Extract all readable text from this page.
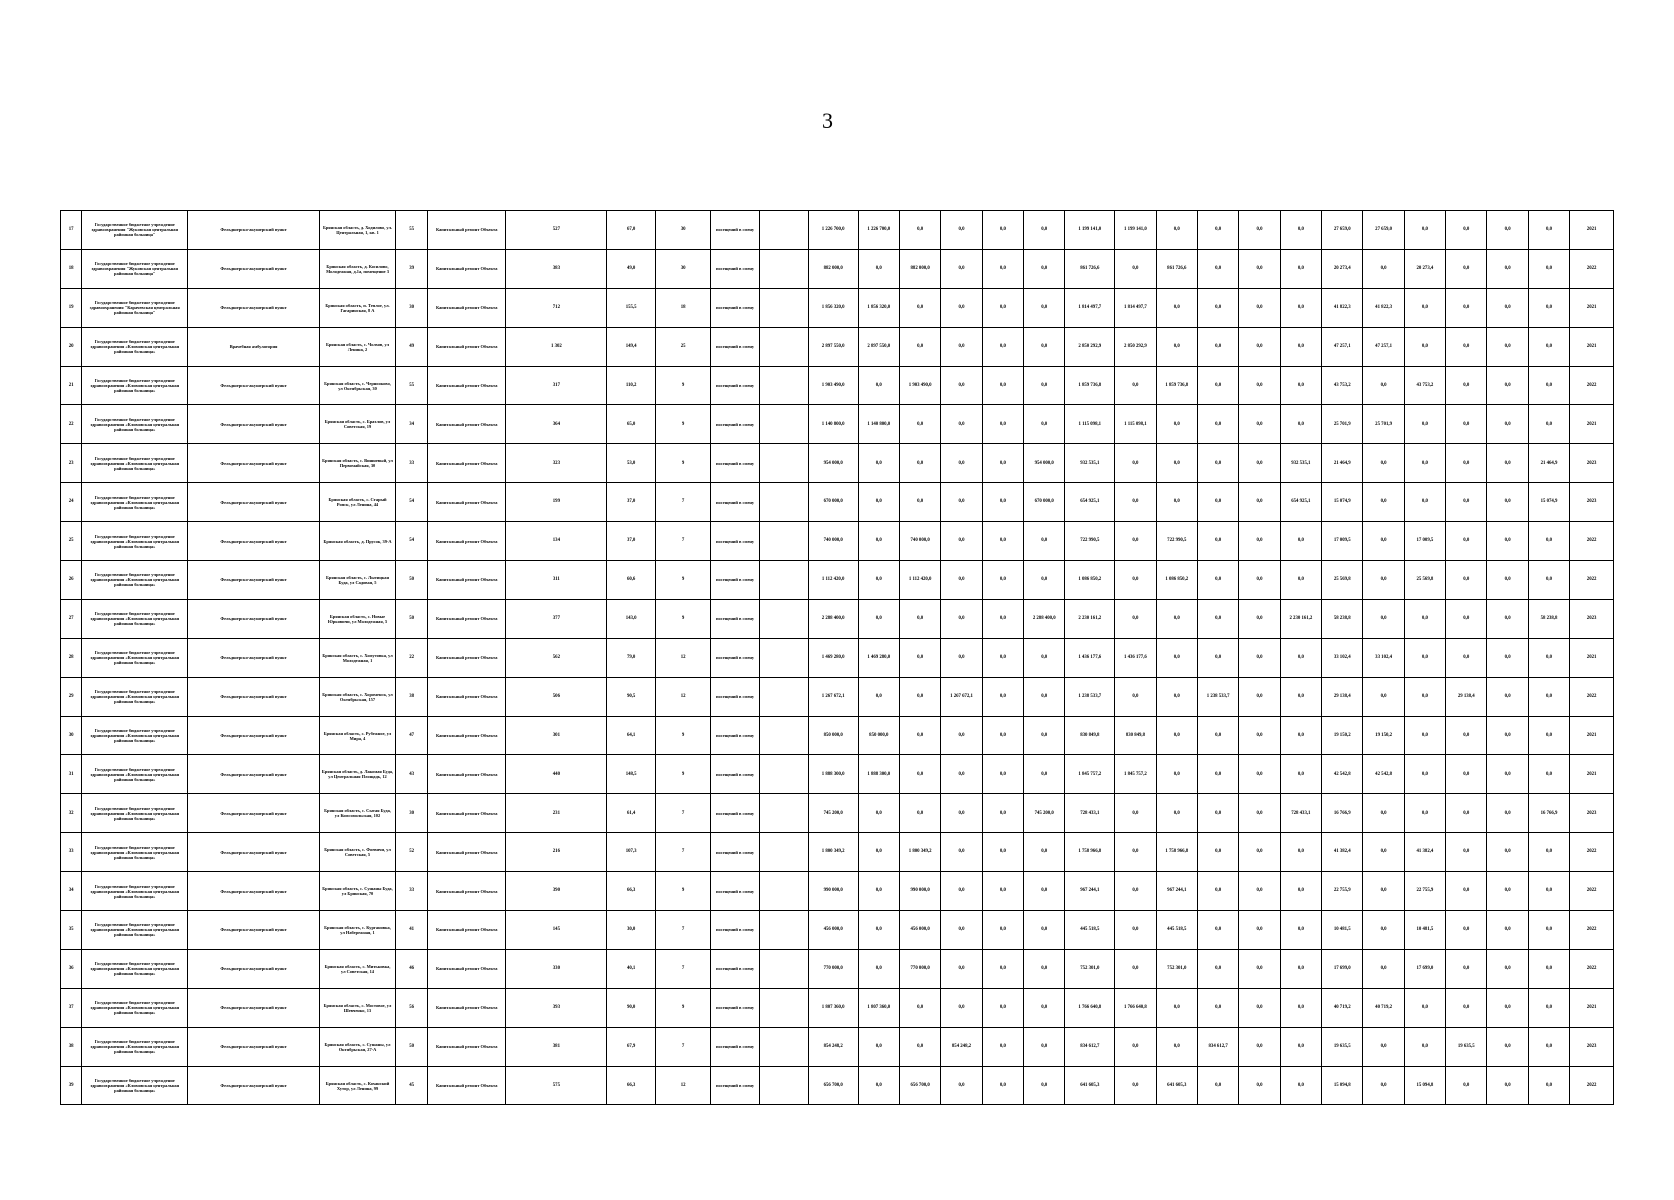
3
17	Государственное бюджетное учреждение здравоохранения "Жуковская центральная районная больница"	Фельдшерско-акушерский пункт	Брянская область, д. Ходилово, ул. Центральная, 1, кв. 1	55	Капитальный ремонт Объекта	527	67,0	30	посещений в смену		1 226 700,0	1 226 700,0	0,0	0,0	0,0	0,0	1 199 141,0	1 199 141,0	0,0	0,0	0,0	0,0	27 659,0	27 659,0	0,0	0,0	0,0	0,0	2021
18	Государственное бюджетное учреждение здравоохранения "Жуковская центральная районная больница"	Фельдшерско-акушерский пункт	Брянская область, д. Косилово, Молодежная, д.1а, помещение 3	39	Капитальный ремонт Объекта	383	49,0	30	посещений в смену		882 000,0	0,0	882 000,0	0,0	0,0	0,0	861 726,6	0,0	861 726,6	0,0	0,0	0,0	20 273,4	0,0	20 273,4	0,0	0,0	0,0	2022
19	Государственное бюджетное учреждение здравоохранения "Карачевская центральная районная больница"	Фельдшерско-акушерский пункт	Брянская область, п. Теплое, ул. Гагаринская, 8 А	30	Капитальный ремонт Объекта	712	155,5	18	посещений в смену		1 856 320,0	1 856 320,0	0,0	0,0	0,0	0,0	1 814 497,7	1 814 497,7	0,0	0,0	0,0	0,0	41 822,3	41 822,3	0,0	0,0	0,0	0,0	2021
20	Государственное бюджетное учреждение здравоохранения «Климовская центральная районная больница»	Врачебная амбулатория	Брянская область, с. Чолхов, ул Ленина, 2	49	Капитальный ремонт Объекта	1 302	149,4	25	посещений в смену		2 897 550,0	2 897 550,0	0,0	0,0	0,0	0,0	2 850 292,9	2 850 292,9	0,0	0,0	0,0	0,0	47 257,1	47 257,1	0,0	0,0	0,0	0,0	2021
21	Государственное бюджетное учреждение здравоохранения «Климовская центральная районная больница»	Фельдшерско-акушерский пункт	Брянская область, с. Чернооково, ул Октябрьская, 30	55	Капитальный ремонт Объекта	317	110,2	9	посещений в смену		1 903 490,0	0,0	1 903 490,0	0,0	0,0	0,0	1 859 736,8	0,0	1 859 736,8	0,0	0,0	0,0	43 753,2	0,0	43 753,2	0,0	0,0	0,0	2022
22	Государственное бюджетное учреждение здравоохранения «Климовская центральная районная больница»	Фельдшерско-акушерский пункт	Брянская область, с. Брахлов, ул Советская, 19	34	Капитальный ремонт Объекта	364	65,0	9	посещений в смену		1 140 800,0	1 140 800,0	0,0	0,0	0,0	0,0	1 115 098,1	1 115 098,1	0,0	0,0	0,0	0,0	25 701,9	25 701,9	0,0	0,0	0,0	0,0	2021
23	Государственное бюджетное учреждение здравоохранения «Климовская центральная районная больница»	Фельдшерско-акушерский пункт	Брянская область, с. Вишневый, ул Первомайская, 30	33	Капитальный ремонт Объекта	323	53,0	9	посещений в смену		954 000,0	0,0	0,0	0,0	0,0	954 000,0	932 535,1	0,0	0,0	0,0	0,0	932 535,1	21 464,9	0,0	0,0	0,0	0,0	21 464,9	2023
24	Государственное бюджетное учреждение здравоохранения «Климовская центральная районная больница»	Фельдшерско-акушерский пункт	Брянская область, с. Старый Ропск, ул Ленина, 44	54	Капитальный ремонт Объекта	199	37,0	7	посещений в смену		670 000,0	0,0	0,0	0,0	0,0	670 000,0	654 925,1	0,0	0,0	0,0	0,0	654 925,1	15 074,9	0,0	0,0	0,0	0,0	15 074,9	2023
25	Государственное бюджетное учреждение здравоохранения «Климовская центральная районная больница»	Фельдшерско-акушерский пункт	Брянская область, д. Прусок, 39-А	54	Капитальный ремонт Объекта	134	37,0	7	посещений в смену		740 000,0	0,0	740 000,0	0,0	0,0	0,0	722 990,5	0,0	722 990,5	0,0	0,0	0,0	17 009,5	0,0	17 009,5	0,0	0,0	0,0	2022
26	Государственное бюджетное учреждение здравоохранения «Климовская центральная районная больница»	Фельдшерско-акушерский пункт	Брянская область, с. Лытицкая Буда, ул Садовая, 5	50	Капитальный ремонт Объекта	311	60,6	9	посещений в смену		1 112 420,0	0,0	1 112 420,0	0,0	0,0	0,0	1 086 850,2	0,0	1 086 850,2	0,0	0,0	0,0	25 569,8	0,0	25 569,8	0,0	0,0	0,0	2022
27	Государственное бюджетное учреждение здравоохранения «Климовская центральная районная больница»	Фельдшерско-акушерский пункт	Брянская область, с. Новые Юрковичи, ул Молодежная, 5	50	Капитальный ремонт Объекта	377	143,0	9	посещений в смену		2 288 400,0	0,0	0,0	0,0	0,0	2 288 400,0	2 230 161,2	0,0	0,0	0,0	0,0	2 230 161,2	58 238,8	0,0	0,0	0,0	0,0	58 238,8	2023
28	Государственное бюджетное учреждение здравоохранения «Климовская центральная районная больница»	Фельдшерско-акушерский пункт	Брянская область, с. Хомутовка, ул Молодежная, 1	22	Капитальный ремонт Объекта	562	79,0	12	посещений в смену		1 469 280,0	1 469 280,0	0,0	0,0	0,0	0,0	1 436 177,6	1 436 177,6	0,0	0,0	0,0	0,0	33 102,4	33 102,4	0,0	0,0	0,0	0,0	2021
29	Государственное бюджетное учреждение здравоохранения «Климовская центральная районная больница»	Фельдшерско-акушерский пункт	Брянская область, с. Хороменск, ул Октябрьская, 157	38	Капитальный ремонт Объекта	506	90,5	12	посещений в смену		1 267 672,1	0,0	0,0	1 267 672,1	0,0	0,0	1 238 533,7	0,0	0,0	1 238 533,7	0,0	0,0	29 138,4	0,0	0,0	29 138,4	0,0	0,0	2022
30	Государственное бюджетное учреждение здравоохранения «Климовская центральная районная больница»	Фельдшерско-акушерский пункт	Брянская область, с. Рубежное, ул Мира, 4	47	Капитальный ремонт Объекта	301	64,1	9	посещений в смену		850 000,0	850 000,0	0,0	0,0	0,0	0,0	830 849,8	830 849,8	0,0	0,0	0,0	0,0	19 150,2	19 150,2	0,0	0,0	0,0	0,0	2021
31	Государственное бюджетное учреждение здравоохранения «Климовская центральная районная больница»	Фельдшерско-акушерский пункт	Брянская область, д. Лакомая Буда, ул Центральная Площадь, 12	43	Капитальный ремонт Объекта	440	148,5	9	посещений в смену		1 888 300,0	1 888 300,0	0,0	0,0	0,0	0,0	1 845 757,2	1 845 757,2	0,0	0,0	0,0	0,0	42 542,8	42 542,8	0,0	0,0	0,0	0,0	2021
32	Государственное бюджетное учреждение здравоохранения «Климовская центральная районная больница»	Фельдшерско-акушерский пункт	Брянская область, с. Сытая Буда, ул Комсомольская, 102	30	Капитальный ремонт Объекта	231	61,4	7	посещений в смену		745 200,0	0,0	0,0	0,0	0,0	745 200,0	728 433,1	0,0	0,0	0,0	0,0	728 433,1	16 766,9	0,0	0,0	0,0	0,0	16 766,9	2023
33	Государственное бюджетное учреждение здравоохранения «Климовская центральная районная больница»	Фельдшерско-акушерский пункт	Брянская область, с. Фоевичи, ул Советская, 5	52	Капитальный ремонт Объекта	216	107,3	7	посещений в смену		1 800 349,2	0,0	1 800 349,2	0,0	0,0	0,0	1 758 966,8	0,0	1 758 966,8	0,0	0,0	0,0	41 382,4	0,0	41 382,4	0,0	0,0	0,0	2022
34	Государственное бюджетное учреждение здравоохранения «Климовская центральная районная больница»	Фельдшерско-акушерский пункт	Брянская область, с. Сушаны Буда, ул Брянская, 70	33	Капитальный ремонт Объекта	390	66,3	9	посещений в смену		990 000,0	0,0	990 000,0	0,0	0,0	0,0	967 244,1	0,0	967 244,1	0,0	0,0	0,0	22 755,9	0,0	22 755,9	0,0	0,0	0,0	2022
35	Государственное бюджетное учреждение здравоохранения «Климовская центральная районная больница»	Фельдшерско-акушерский пункт	Брянская область, с. Кургановка, ул Набережная, 1	41	Капитальный ремонт Объекта	145	30,0	7	посещений в смену		456 000,0	0,0	456 000,0	0,0	0,0	0,0	445 518,5	0,0	445 518,5	0,0	0,0	0,0	10 481,5	0,0	10 481,5	0,0	0,0	0,0	2022
36	Государственное бюджетное учреждение здравоохранения «Климовская центральная районная больница»	Фельдшерско-акушерский пункт	Брянская область, с. Митьковка, ул Советская, 14	46	Капитальный ремонт Объекта	330	40,1	7	посещений в смену		770 000,0	0,0	770 000,0	0,0	0,0	0,0	752 301,0	0,0	752 301,0	0,0	0,0	0,0	17 699,0	0,0	17 699,0	0,0	0,0	0,0	2022
37	Государственное бюджетное учреждение здравоохранения «Климовская центральная районная больница»	Фельдшерско-акушерский пункт	Брянская область, с. Мостовое, ул Шевченко, 13	56	Капитальный ремонт Объекта	393	90,0	9	посещений в смену		1 807 360,0	1 807 360,0	0,0	0,0	0,0	0,0	1 766 640,8	1 766 640,8	0,0	0,0	0,0	0,0	40 719,2	40 719,2	0,0	0,0	0,0	0,0	2021
38	Государственное бюджетное учреждение здравоохранения «Климовская центральная районная больница»	Фельдшерско-акушерский пункт	Брянская область, с. Сушаны, ул Октябрьская, 27-А	50	Капитальный ремонт Объекта	381	67,9	7	посещений в смену		854 248,2	0,0	0,0	854 248,2	0,0	0,0	834 612,7	0,0	0,0	834 612,7	0,0	0,0	19 635,5	0,0	0,0	19 635,5	0,0	0,0	2023
39	Государственное бюджетное учреждение здравоохранения «Климовская центральная районная больница»	Фельдшерско-акушерский пункт	Брянская область, с. Коханский Хутор, ул Ленина, 99	45	Капитальный ремонт Объекта	575	66,3	12	посещений в смену		656 700,0	0,0	656 700,0	0,0	0,0	0,0	641 605,3	0,0	641 605,3	0,0	0,0	0,0	15 094,8	0,0	15 094,8	0,0	0,0	0,0	2022
